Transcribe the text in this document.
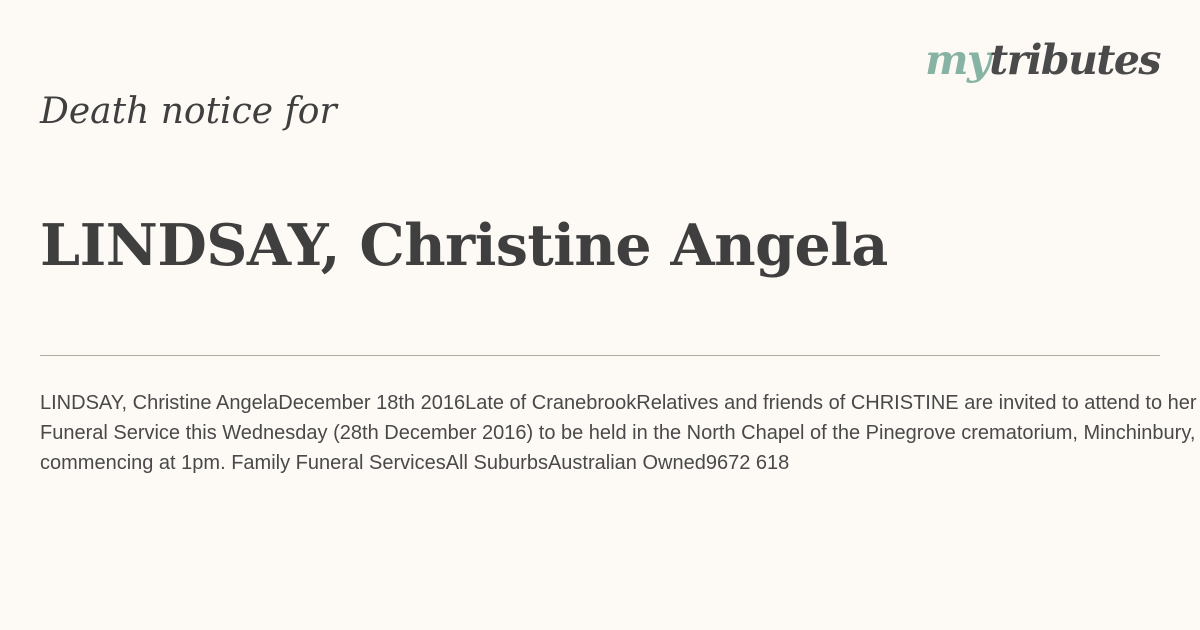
mytributes
Death notice for
LINDSAY, Christine Angela
LINDSAY, Christine AngelaDecember 18th 2016Late of CranebrookRelatives and friends of CHRISTINE are invited to attend to her Funeral Service this Wednesday (28th December 2016) to be held in the North Chapel of the Pinegrove crematorium, Minchinbury, commencing at 1pm. Family Funeral ServicesAll SuburbsAustralian Owned9672 618
